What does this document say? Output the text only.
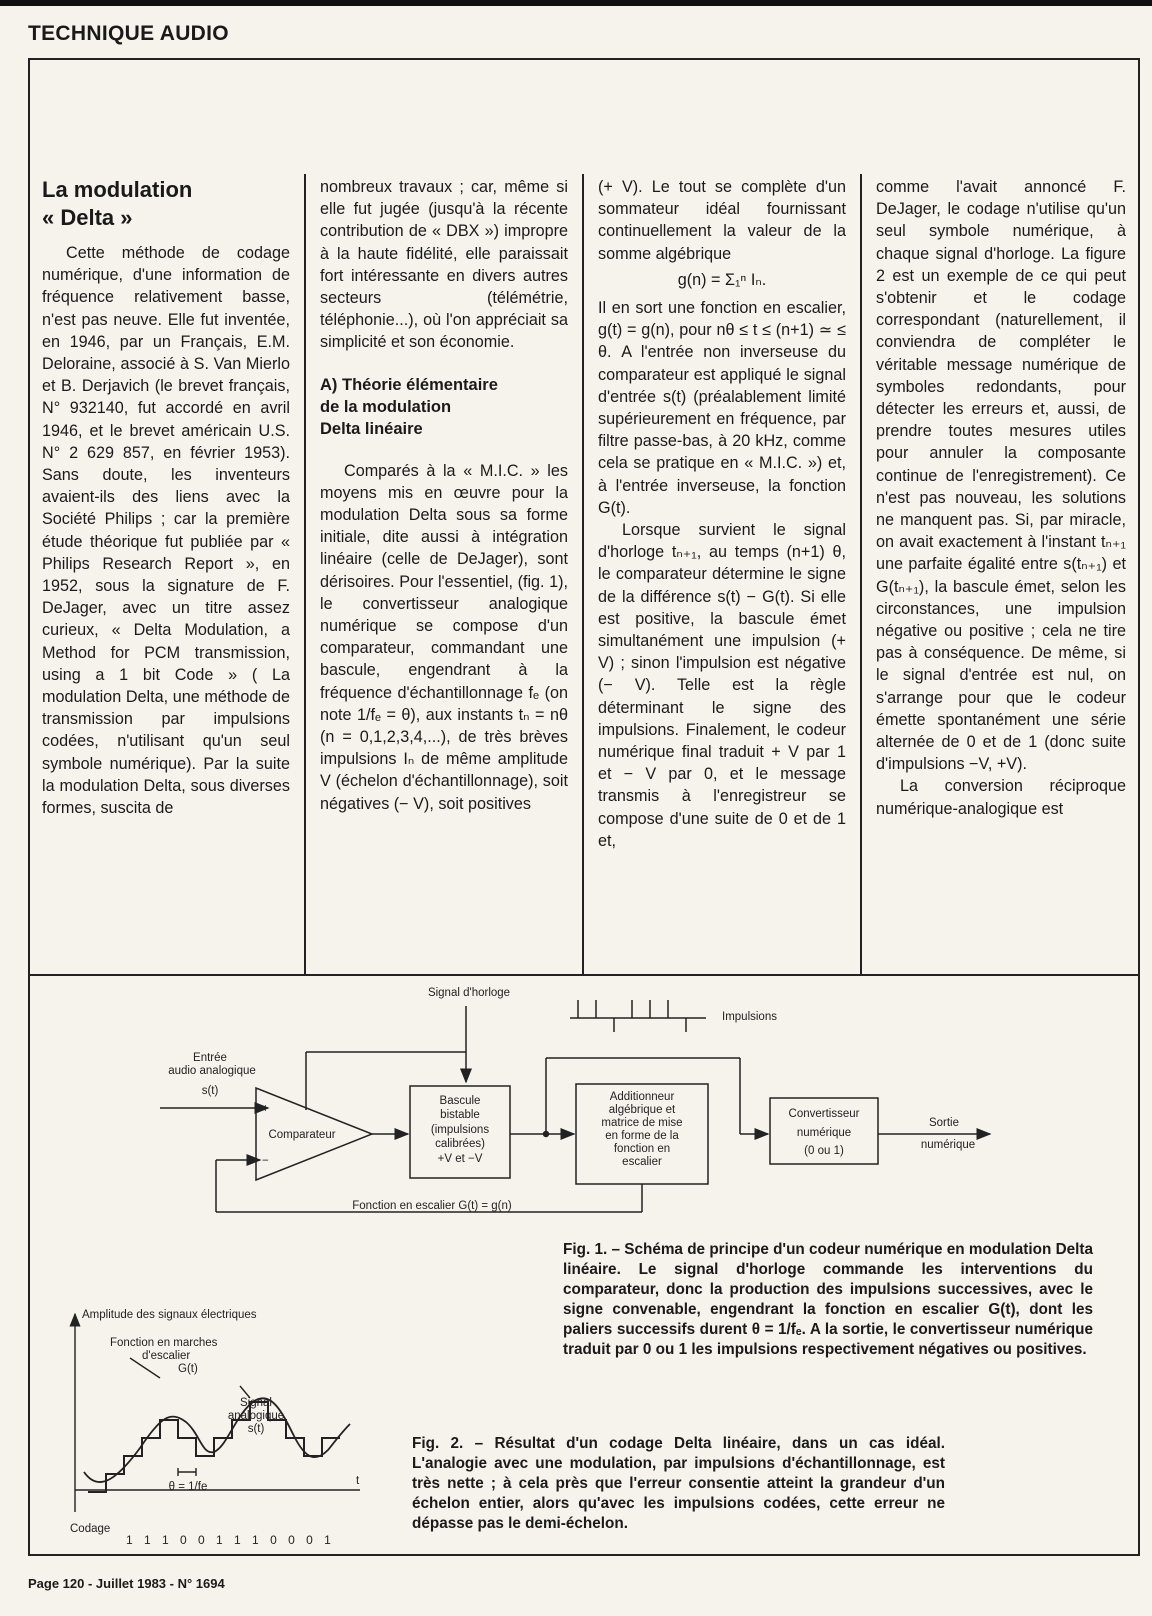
TECHNIQUE AUDIO
La modulation
« Delta »

Cette méthode de codage numérique, d'une information de fréquence relativement basse, n'est pas neuve. Elle fut inventée, en 1946, par un Français, E.M. Deloraine, associé à S. Van Mierlo et B. Derjavich (le brevet français, N° 932140, fut accordé en avril 1946, et le brevet américain U.S. N° 2 629 857, en février 1953). Sans doute, les inventeurs avaient-ils des liens avec la Société Philips ; car la première étude théorique fut publiée par « Philips Research Report », en 1952, sous la signature de F. DeJager, avec un titre assez curieux, « Delta Modulation, a Method for PCM transmission, using a 1 bit Code » ( La modulation Delta, une méthode de transmission par impulsions codées, n'utilisant qu'un seul symbole numérique). Par la suite la modulation Delta, sous diverses formes, suscita de

nombreux travaux ; car, même si elle fut jugée (jusqu'à la récente contribution de « DBX ») impropre à la haute fidélité, elle paraissait fort intéressante en divers autres secteurs (télémétrie, téléphonie...), où l'on appréciait sa simplicité et son économie.

A) Théorie élémentaire
de la modulation
Delta linéaire

Comparés à la « M.I.C. » les moyens mis en œuvre pour la modulation Delta sous sa forme initiale, dite aussi à intégration linéaire (celle de DeJager), sont dérisoires. Pour l'essentiel, (fig. 1), le convertisseur analogique numérique se compose d'un comparateur, commandant une bascule, engendrant à la fréquence d'échantillonnage fₑ (on note 1/fₑ = θ), aux instants tₙ = nθ (n = 0,1,2,3,4,...), de très brèves impulsions Iₙ de même amplitude V (échelon d'échantillonnage), soit négatives (− V), soit positives

(+ V). Le tout se complète d'un sommateur idéal fournissant continuellement la valeur de la somme algébrique

g(n) = Σ₁ⁿ Iₙ.

Il en sort une fonction en escalier, g(t) = g(n), pour nθ ≤ t ≤ (n+1) ≃ ≤ θ. A l'entrée non inverseuse du comparateur est appliqué le signal d'entrée s(t) (préalablement limité supérieurement en fréquence, par filtre passe-bas, à 20 kHz, comme cela se pratique en « M.I.C. ») et, à l'entrée inverseuse, la fonction G(t).

Lorsque survient le signal d'horloge tₙ₊₁, au temps (n+1) θ, le comparateur détermine le signe de la différence s(t) − G(t). Si elle est positive, la bascule émet simultanément une impulsion (+ V) ; sinon l'impulsion est négative (− V). Telle est la règle déterminant le signe des impulsions. Finalement, le codeur numérique final traduit + V par 1 et − V par 0, et le message transmis à l'enregistreur se compose d'une suite de 0 et de 1 et,

comme l'avait annoncé F. DeJager, le codage n'utilise qu'un seul symbole numérique, à chaque signal d'horloge. La figure 2 est un exemple de ce qui peut s'obtenir et le codage correspondant (naturellement, il conviendra de compléter le véritable message numérique de symboles redondants, pour détecter les erreurs et, aussi, de prendre toutes mesures utiles pour annuler la composante continue de l'enregistrement). Ce n'est pas nouveau, les solutions ne manquent pas. Si, par miracle, on avait exactement à l'instant tₙ₊₁ une parfaite égalité entre s(tₙ₊₁) et G(tₙ₊₁), la bascule émet, selon les circonstances, une impulsion négative ou positive ; cela ne tire pas à conséquence. De même, si le signal d'entrée est nul, on s'arrange pour que le codeur émette spontanément une série alternée de 0 et de 1 (donc suite d'impulsions −V, +V).

La conversion réciproque numérique-analogique est

Signal d'horloge
Impulsions
Entrée
audio analogique
s(t)
Comparateur
+
−
Bascule
bistable
(impulsions
calibrées)
+V et −V
Additionneur
algébrique et
matrice de mise
en forme de la
fonction en
escalier
Convertisseur
numérique
(0 ou 1)
Sortie
numérique
Fonction en escalier G(t) = g(n)
Fig. 1. – Schéma de principe d'un codeur numérique en modulation Delta linéaire. Le signal d'horloge commande les interventions du comparateur, donc la production des impulsions successives, avec le signe convenable, engendrant la fonction en escalier G(t), dont les paliers successifs durent θ = 1/fₑ. A la sortie, le convertisseur numérique traduit par 0 ou 1 les impulsions respectivement négatives ou positives.
Amplitude des signaux électriques
Fonction en marches
d'escalier
G(t)
Signal
analogique
s(t)
θ = 1/fe	t
Codage
1 1 1 0 0 1 1 1 0 0 0 1
Fig. 2. – Résultat d'un codage Delta linéaire, dans un cas idéal. L'analogie avec une modulation, par impulsions d'échantillonnage, est très nette ; à cela près que l'erreur consentie atteint la grandeur d'un échelon entier, alors qu'avec les impulsions codées, cette erreur ne dépasse pas le demi-échelon.
Page 120 - Juillet 1983 - N° 1694
